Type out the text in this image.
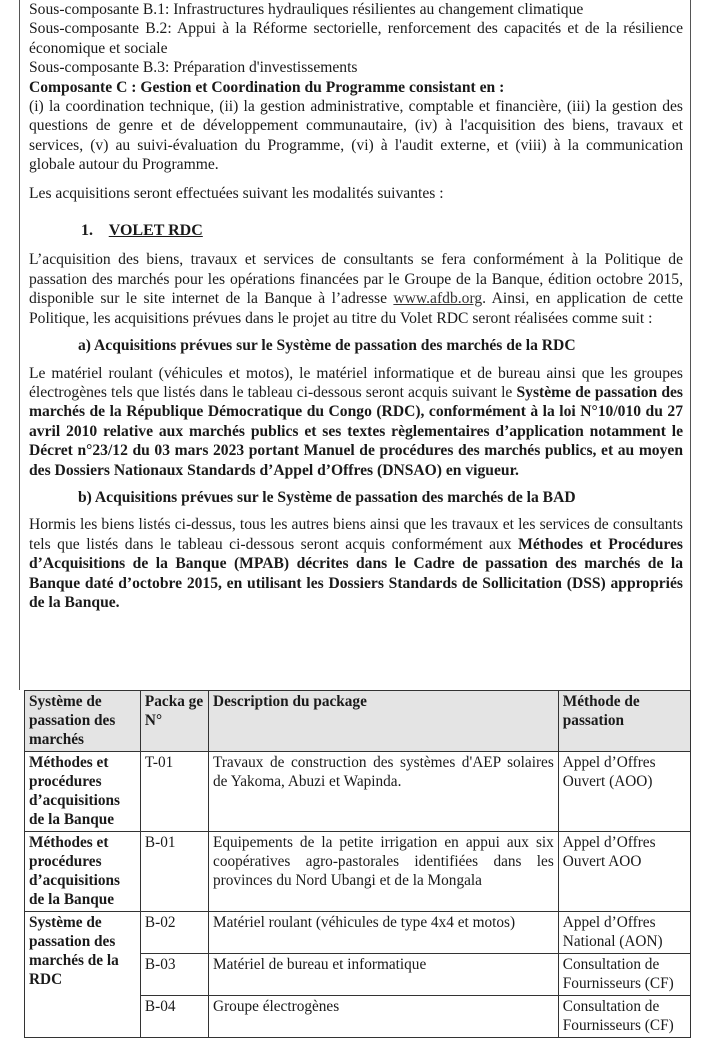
Sous-composante B.1: Infrastructures hydrauliques résilientes au changement climatique

Sous-composante B.2: Appui à la Réforme sectorielle, renforcement des capacités et de la résilience économique et sociale

Sous-composante B.3: Préparation d'investissements

Composante C : Gestion et Coordination du Programme consistant en :

(i) la coordination technique, (ii) la gestion administrative, comptable et financière, (iii) la gestion des questions de genre et de développement communautaire, (iv) à l'acquisition des biens, travaux et services, (v) au suivi-évaluation du Programme, (vi) à l'audit externe, et (viii) à la communication globale autour du Programme.

Les acquisitions seront effectuées suivant les modalités suivantes :

1. VOLET RDC

L’acquisition des biens, travaux et services de consultants se fera conformément à la Politique de passation des marchés pour les opérations financées par le Groupe de la Banque, édition octobre 2015, disponible sur le site internet de la Banque à l’adresse www.afdb.org. Ainsi, en application de cette Politique, les acquisitions prévues dans le projet au titre du Volet RDC seront réalisées comme suit :

a) Acquisitions prévues sur le Système de passation des marchés de la RDC

Le matériel roulant (véhicules et motos), le matériel informatique et de bureau ainsi que les groupes électrogènes tels que listés dans le tableau ci-dessous seront acquis suivant le Système de passation des marchés de la République Démocratique du Congo (RDC), conformément à la loi N°10/010 du 27 avril 2010 relative aux marchés publics et ses textes règlementaires d’application notamment le Décret n°23/12 du 03 mars 2023 portant Manuel de procédures des marchés publics, et au moyen des Dossiers Nationaux Standards d’Appel d’Offres (DNSAO) en vigueur.

b) Acquisitions prévues sur le Système de passation des marchés de la BAD

Hormis les biens listés ci-dessus, tous les autres biens ainsi que les travaux et les services de consultants tels que listés dans le tableau ci-dessous seront acquis conformément aux Méthodes et Procédures d’Acquisitions de la Banque (MPAB) décrites dans le Cadre de passation des marchés de la Banque daté d’octobre 2015, en utilisant les Dossiers Standards de Sollicitation (DSS) appropriés de la Banque.

Système de passation des marchés	Packa ge N°	Description du package	Méthode de passation
Méthodes et procédures d’acquisitions de la Banque	T-01	Travaux de construction des systèmes d'AEP solaires de Yakoma, Abuzi et Wapinda.	Appel d’Offres Ouvert (AOO)
Méthodes et procédures d’acquisitions de la Banque	B-01	Equipements de la petite irrigation en appui aux six coopératives agro-pastorales identifiées dans les provinces du Nord Ubangi et de la Mongala	Appel d’Offres Ouvert AOO
Système de passation des marchés de la RDC	B-02	Matériel roulant (véhicules de type 4x4 et motos)	Appel d’Offres National (AON)
	B-03	Matériel de bureau et informatique	Consultation de Fournisseurs (CF)
	B-04	Groupe électrogènes	Consultation de Fournisseurs (CF)
